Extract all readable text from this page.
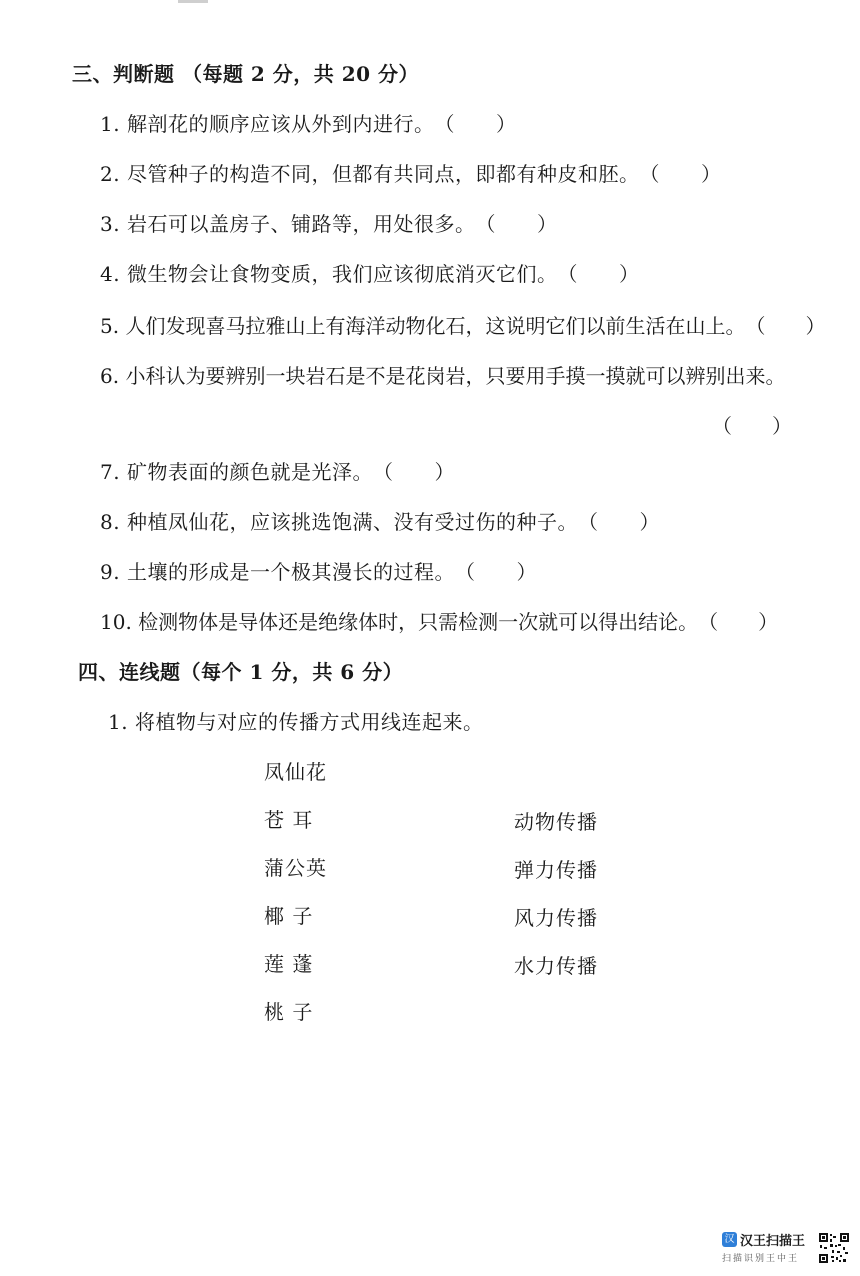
三、判断题 （每题 2 分，共 20 分）
1. 解剖花的顺序应该从外到内进行。（　　）
2. 尽管种子的构造不同，但都有共同点，即都有种皮和胚。（　　）
3. 岩石可以盖房子、铺路等，用处很多。（　　）
4. 微生物会让食物变质，我们应该彻底消灭它们。（　　）
5. 人们发现喜马拉雅山上有海洋动物化石，这说明它们以前生活在山上。（　　）
6. 小科认为要辨别一块岩石是不是花岗岩，只要用手摸一摸就可以辨别出来。
（　　）
7. 矿物表面的颜色就是光泽。（　　）
8. 种植凤仙花，应该挑选饱满、没有受过伤的种子。（　　）
9. 土壤的形成是一个极其漫长的过程。（　　）
10. 检测物体是导体还是绝缘体时，只需检测一次就可以得出结论。（　　）
四、连线题（每个 1 分，共 6 分）
1. 将植物与对应的传播方式用线连起来。
凤仙花
苍 耳
蒲公英
椰 子
莲 蓬
桃 子
动物传播
弹力传播
风力传播
水力传播
汉 汉王扫描王
扫描识别王中王
